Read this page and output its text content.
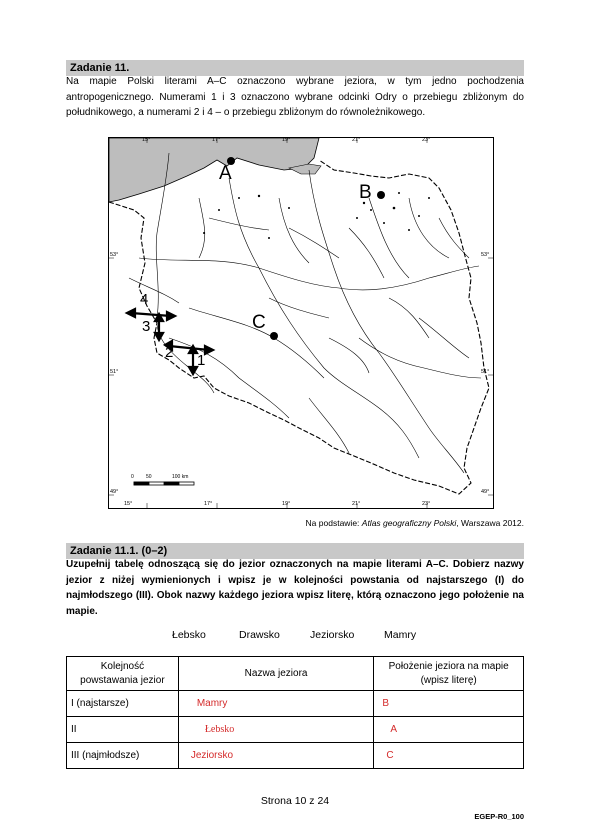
Zadanie 11.
Na mapie Polski literami A–C oznaczono wybrane jeziora, w tym jedno pochodzenia antropogenicznego. Numerami 1 i 3 oznaczono wybrane odcinki Odry o przebiegu zbliżonym do południkowego, a numerami 2 i 4 – o przebiegu zbliżonym do równoleżnikowego.
15°	17°	19°	21°	23°
15°	17°	19°	21°	23°
53°
51°
49°
53°
51°
49°
A
B
C
1
2
3
4
0 50	100 km
Na podstawie: Atlas geograficzny Polski, Warszawa 2012.
Zadanie 11.1. (0–2)
Uzupełnij tabelę odnoszącą się do jezior oznaczonych na mapie literami A–C. Dobierz nazwy jezior z niżej wymienionych i wpisz je w kolejności powstania od najstarszego (I) do najmłodszego (III). Obok nazwy każdego jeziora wpisz literę, którą oznaczono jego położenie na mapie.
Łebsko	Drawsko	Jeziorsko	Mamry
Kolejność powstawania jezior	Nazwa jeziora	Położenie jeziora na mapie (wpisz literę)
I (najstarsze)	Mamry	B
II	Łebsko	A
III (najmłodsze)	Jeziorsko	C
Strona 10 z 24
EGEP-R0_100
